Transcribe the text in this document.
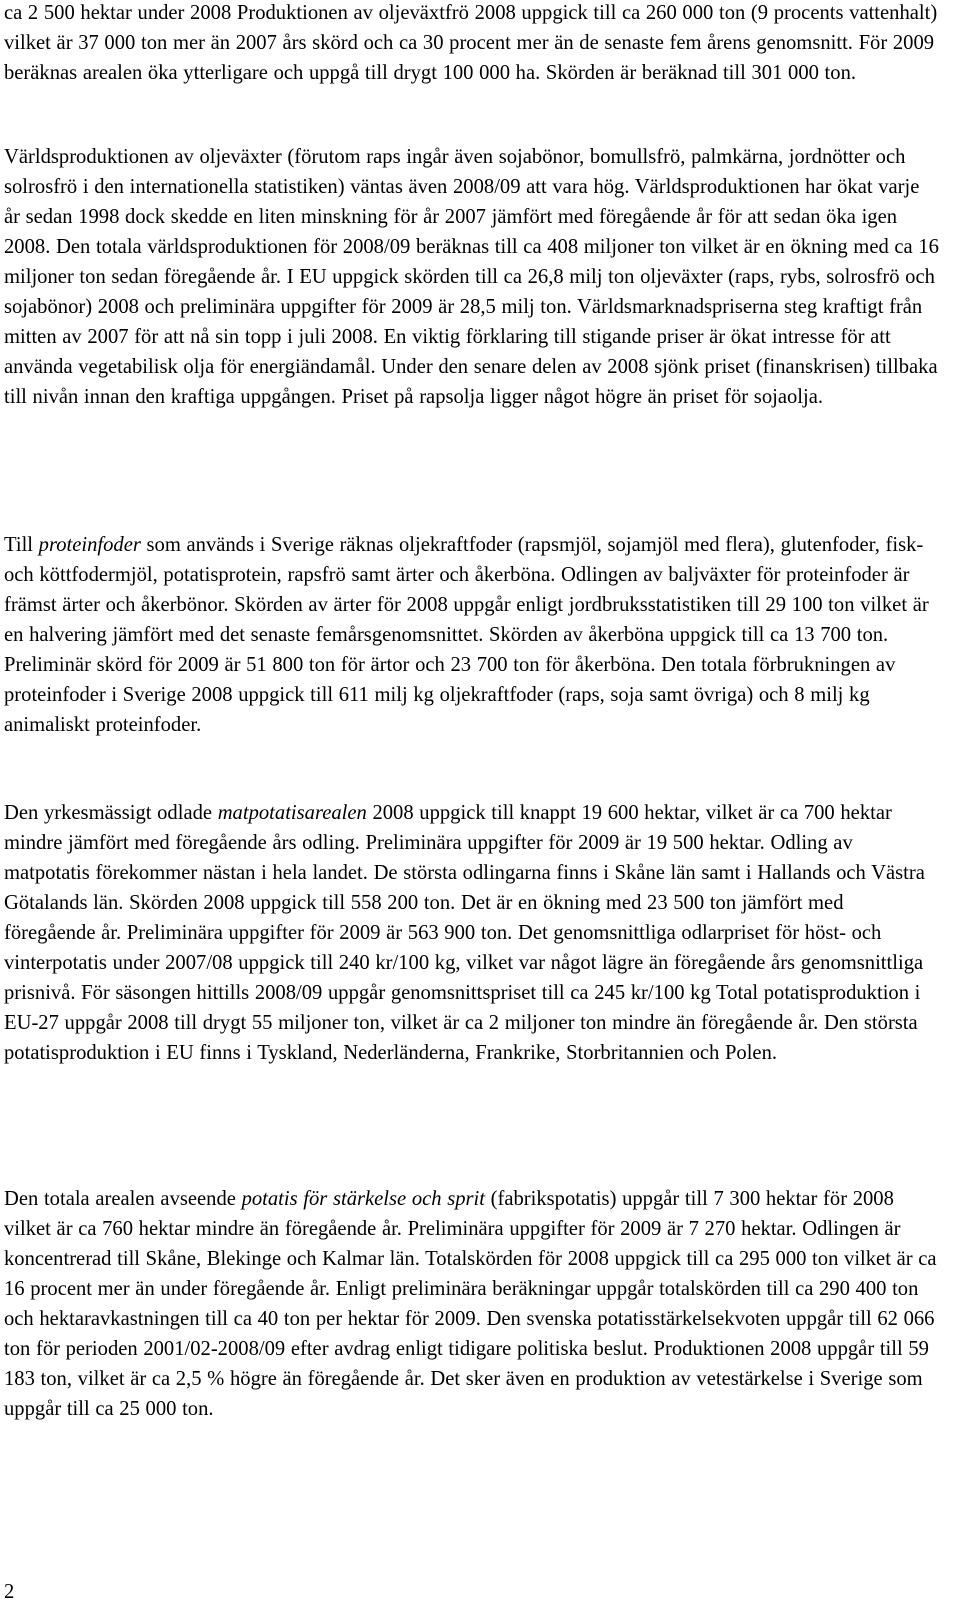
ca 2 500 hektar under 2008 Produktionen av oljeväxtfrö 2008 uppgick till ca 260 000 ton (9 procents vattenhalt) vilket är 37 000 ton mer än 2007 års skörd och ca 30 procent mer än de senaste fem årens genomsnitt. För 2009 beräknas arealen öka ytterligare och uppgå till drygt 100 000 ha. Skörden är beräknad till 301 000 ton.

Världsproduktionen av oljeväxter (förutom raps ingår även sojabönor, bomullsfrö, palmkärna, jordnötter och solrosfrö i den internationella statistiken) väntas även 2008/09 att vara hög. Världsproduktionen har ökat varje år sedan 1998 dock skedde en liten minskning för år 2007 jämfört med föregående år för att sedan öka igen 2008. Den totala världsproduktionen för 2008/09 beräknas till ca 408 miljoner ton vilket är en ökning med ca 16 miljoner ton sedan föregående år. I EU uppgick skörden till ca 26,8 milj ton oljeväxter (raps, rybs, solrosfrö och sojabönor) 2008 och preliminära uppgifter för 2009 är 28,5 milj ton. Världsmarknadspriserna steg kraftigt från mitten av 2007 för att nå sin topp i juli 2008. En viktig förklaring till stigande priser är ökat intresse för att använda vegetabilisk olja för energiändamål. Under den senare delen av 2008 sjönk priset (finanskrisen) tillbaka till nivån innan den kraftiga uppgången. Priset på rapsolja ligger något högre än priset för sojaolja.

Till proteinfoder som används i Sverige räknas oljekraftfoder (rapsmjöl, sojamjöl med flera), glutenfoder, fisk- och köttfodermjöl, potatisprotein, rapsfrö samt ärter och åkerböna. Odlingen av baljväxter för proteinfoder är främst ärter och åkerbönor. Skörden av ärter för 2008 uppgår enligt jordbruksstatistiken till 29 100 ton vilket är en halvering jämfört med det senaste femårsgenomsnittet. Skörden av åkerböna uppgick till ca 13 700 ton. Preliminär skörd för 2009 är 51 800 ton för ärtor och 23 700 ton för åkerböna. Den totala förbrukningen av proteinfoder i Sverige 2008 uppgick till 611 milj kg oljekraftfoder (raps, soja samt övriga) och 8 milj kg animaliskt proteinfoder.

Den yrkesmässigt odlade matpotatisarealen 2008 uppgick till knappt 19 600 hektar, vilket är ca 700 hektar mindre jämfört med föregående års odling. Preliminära uppgifter för 2009 är 19 500 hektar. Odling av matpotatis förekommer nästan i hela landet. De största odlingarna finns i Skåne län samt i Hallands och Västra Götalands län. Skörden 2008 uppgick till 558 200 ton. Det är en ökning med 23 500 ton jämfört med föregående år. Preliminära uppgifter för 2009 är 563 900 ton. Det genomsnittliga odlarpriset för höst- och vinterpotatis under 2007/08 uppgick till 240 kr/100 kg, vilket var något lägre än föregående års genomsnittliga prisnivå. För säsongen hittills 2008/09 uppgår genomsnittspriset till ca 245 kr/100 kg Total potatisproduktion i EU-27 uppgår 2008 till drygt 55 miljoner ton, vilket är ca 2 miljoner ton mindre än föregående år. Den största potatisproduktion i EU finns i Tyskland, Nederländerna, Frankrike, Storbritannien och Polen.

Den totala arealen avseende potatis för stärkelse och sprit (fabrikspotatis) uppgår till 7 300 hektar för 2008 vilket är ca 760 hektar mindre än föregående år. Preliminära uppgifter för 2009 är 7 270 hektar. Odlingen är koncentrerad till Skåne, Blekinge och Kalmar län. Totalskörden för 2008 uppgick till ca 295 000 ton vilket är ca 16 procent mer än under föregående år. Enligt preliminära beräkningar uppgår totalskörden till ca 290 400 ton och hektaravkastningen till ca 40 ton per hektar för 2009. Den svenska potatisstärkelsekvoten uppgår till 62 066 ton för perioden 2001/02-2008/09 efter avdrag enligt tidigare politiska beslut. Produktionen 2008 uppgår till 59 183 ton, vilket är ca 2,5 % högre än föregående år. Det sker även en produktion av vetestärkelse i Sverige som uppgår till ca 25 000 ton.

2
